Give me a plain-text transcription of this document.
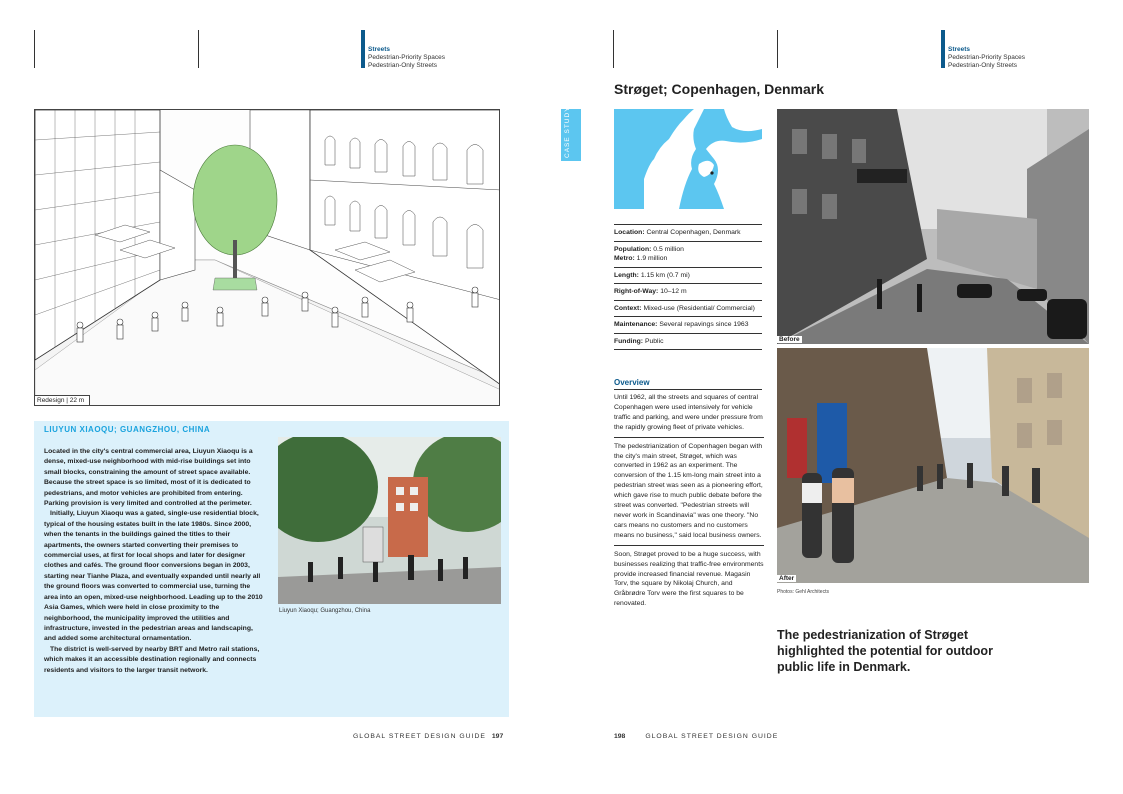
Streets
Pedestrian-Priority Spaces
Pedestrian-Only Streets
Streets
Pedestrian-Priority Spaces
Pedestrian-Only Streets
Redesign | 22 m
LIUYUN XIAOQU; GUANGZHOU, CHINA

Located in the city's central commercial area, Liuyun Xiaoqu is a dense, mixed-use neighborhood with mid-rise buildings set into small blocks, constraining the amount of street space available. Because the street space is so limited, most of it is dedicated to pedestrians, and motor vehicles are prohibited from entering. Parking provision is very limited and controlled at the perimeter.

Initially, Liuyun Xiaoqu was a gated, single-use residential block, typical of the housing estates built in the late 1980s. Since 2000, when the tenants in the buildings gained the titles to their apartments, the owners started converting their premises to commercial uses, at first for local shops and later for designer clothes and cafés. The ground floor conversions began in 2003, starting near Tianhe Plaza, and eventually expanded until nearly all the ground floors was converted to commercial use, turning the area into an open, mixed-use neighborhood. Leading up to the 2010 Asia Games, which were held in close proximity to the neighborhood, the municipality improved the utilities and infrastructure, invested in the pedestrian areas and landscaping, and added some architectural ornamentation.

The district is well-served by nearby BRT and Metro rail stations, which makes it an accessible destination regionally and connects residents and visitors to the larger transit network.

Liuyun Xiaoqu; Guangzhou, China
GLOBAL STREET DESIGN GUIDE 197
Strøget; Copenhagen, Denmark
CASE STUDY
Location: Central Copenhagen, Denmark
Population: 0.5 million
Metro: 1.9 million
Length: 1.15 km (0.7 mi)
Right-of-Way: 10–12 m
Context: Mixed-use (Residential/ Commercial)
Maintenance: Several repavings since 1963
Funding: Public
Overview

Until 1962, all the streets and squares of central Copenhagen were used intensively for vehicle traffic and parking, and were under pressure from the rapidly growing fleet of private vehicles.

The pedestrianization of Copenhagen began with the city's main street, Strøget, which was converted in 1962 as an experiment. The conversion of the 1.15 km-long main street into a pedestrian street was seen as a pioneering effort, which gave rise to much public debate before the street was converted. "Pedestrian streets will never work in Scandinavia" was one theory. "No cars means no customers and no customers means no business," said local business owners.

Soon, Strøget proved to be a huge success, with businesses realizing that traffic-free environments provide increased financial revenue. Magasin Torv, the square by Nikolaj Church, and Gråbrødre Torv were the first squares to be renovated.

Before
After
Photos: Gehl Architects
The pedestrianization of Strøget highlighted the potential for outdoor public life in Denmark.
198	GLOBAL STREET DESIGN GUIDE
